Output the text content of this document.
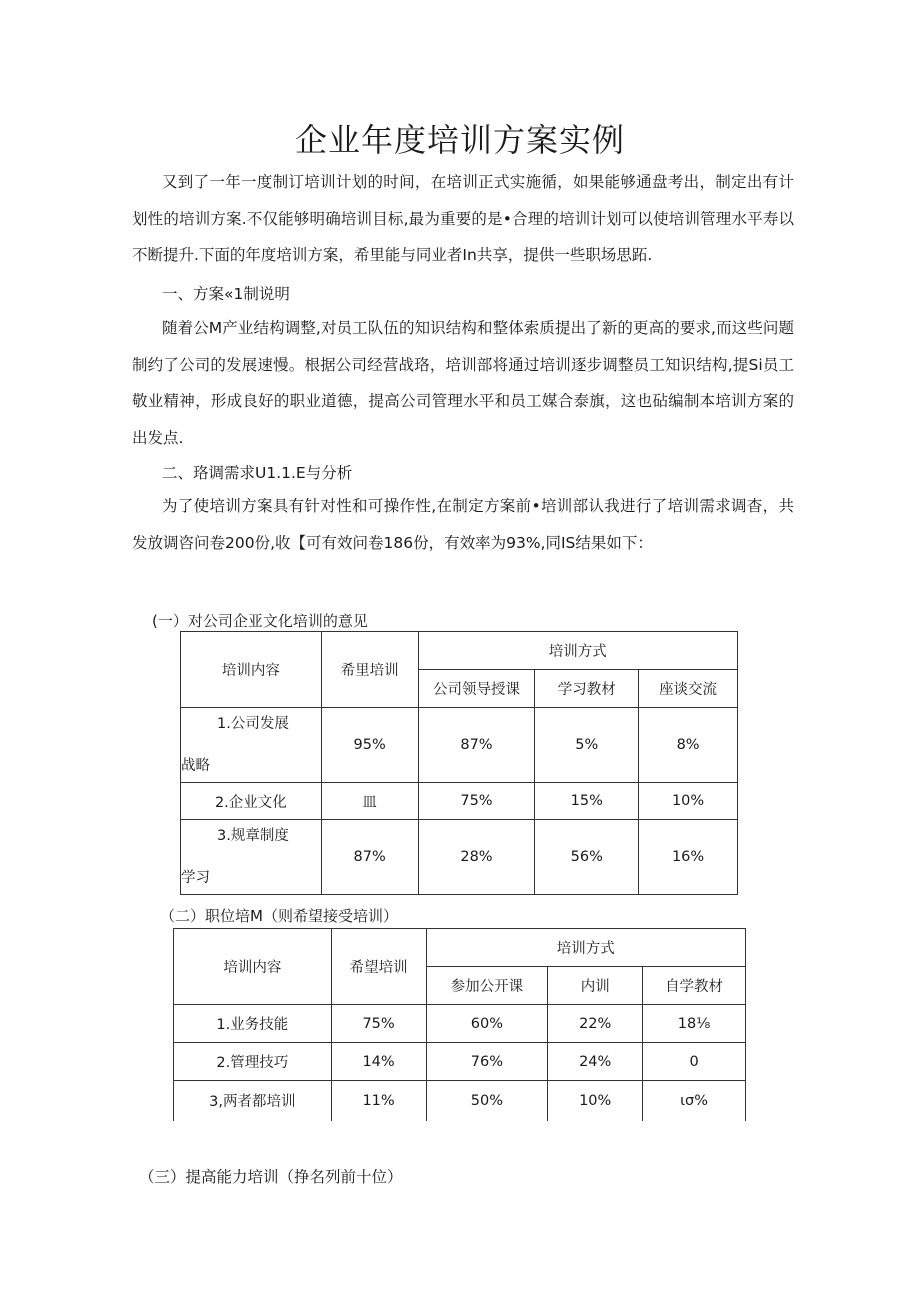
企业年度培训方案实例

又到了一年一度制订培训计划的时间，在培训正式实施循，如果能够通盘考出，制定出有计划性的培训方案.不仅能够明确培训目标,最为重要的是•合理的培训计划可以使培训管理水平寿以不断提升.下面的年度培训方案，希里能与同业者In共享，提供一些职场思跖.

一、方案«1制说明

随着公M产业结构调整,对员工队伍的知识结构和整体索质提出了新的更高的要求,而这些问题制约了公司的发展速慢。根据公司经营战珞，培训部将通过培训逐步调整员工知识结构,提Si员工敬业精神，形成良好的职业道德，提高公司管理水平和员工媒合泰旗，这也砧编制本培训方案的出发点.

二、珞调需求U1.1.E与分析

为了使培训方案具有针对性和可操作性,在制定方案前•培训部认我进行了培训需求调杳，共发放调咨问卷200份,收【可有效问卷186份，有效率为93%,同IS结果如下：

(一）对公司企亚文化培训的意见

培训内容	希里培训	培训方式		
		公司领导授课	学习教材	座谈交流

1.公司发展
战略	95%	87%	5%	8%
2.企业文化	皿	75%	15%	10%

3.规章制度
学习	87%	28%	56%	16%

（二）职位培M（则希望接受培训）

培训内容	希望培训	培训方式		
		参加公开课	内训	自学教材
1.业务技能	75%	60%	22%	18⅛
2.管理技巧	14%	76%	24%	0
3,两者都培训	11%	50%	10%	ισ%

（三）提高能力培训（挣名列前十位）
